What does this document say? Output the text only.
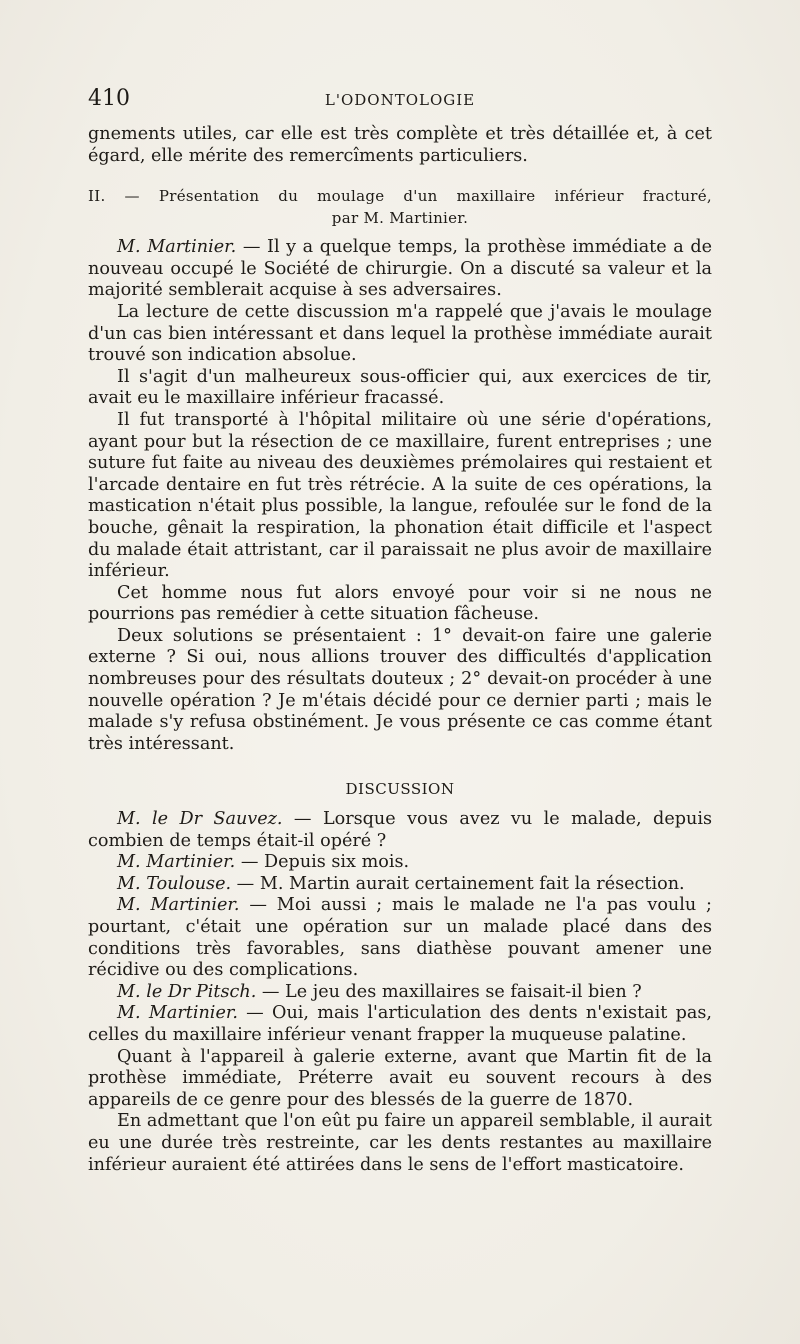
410	L'ODONTOLOGIE

gnements utiles, car elle est très complète et très détaillée et, à cet égard, elle mérite des remercîments particuliers.

II. — Présentation du moulage d'un maxillaire inférieur fracturé,
par M. Martinier.

M. Martinier. — Il y a quelque temps, la prothèse immédiate a de nouveau occupé le Société de chirurgie. On a discuté sa valeur et la majorité semblerait acquise à ses adversaires.

La lecture de cette discussion m'a rappelé que j'avais le moulage d'un cas bien intéressant et dans lequel la prothèse immédiate aurait trouvé son indication absolue.

Il s'agit d'un malheureux sous-officier qui, aux exercices de tir, avait eu le maxillaire inférieur fracassé.

Il fut transporté à l'hôpital militaire où une série d'opérations, ayant pour but la résection de ce maxillaire, furent entreprises ; une suture fut faite au niveau des deuxièmes prémolaires qui restaient et l'arcade dentaire en fut très rétrécie. A la suite de ces opérations, la mastication n'était plus possible, la langue, refoulée sur le fond de la bouche, gênait la respiration, la phonation était difficile et l'aspect du malade était attristant, car il paraissait ne plus avoir de maxillaire inférieur.

Cet homme nous fut alors envoyé pour voir si ne nous ne pourrions pas remédier à cette situation fâcheuse.

Deux solutions se présentaient : 1° devait-on faire une galerie externe ? Si oui, nous allions trouver des difficultés d'application nombreuses pour des résultats douteux ; 2° devait-on procéder à une nouvelle opération ? Je m'étais décidé pour ce dernier parti ; mais le malade s'y refusa obstinément. Je vous présente ce cas comme étant très intéressant.

DISCUSSION

M. le Dr Sauvez. — Lorsque vous avez vu le malade, depuis combien de temps était-il opéré ?

M. Martinier. — Depuis six mois.

M. Toulouse. — M. Martin aurait certainement fait la résection.

M. Martinier. — Moi aussi ; mais le malade ne l'a pas voulu ; pourtant, c'était une opération sur un malade placé dans des conditions très favorables, sans diathèse pouvant amener une récidive ou des complications.

M. le Dr Pitsch. — Le jeu des maxillaires se faisait-il bien ?

M. Martinier. — Oui, mais l'articulation des dents n'existait pas, celles du maxillaire inférieur venant frapper la muqueuse palatine.

Quant à l'appareil à galerie externe, avant que Martin fit de la prothèse immédiate, Préterre avait eu souvent recours à des appareils de ce genre pour des blessés de la guerre de 1870.

En admettant que l'on eût pu faire un appareil semblable, il aurait eu une durée très restreinte, car les dents restantes au maxillaire inférieur auraient été attirées dans le sens de l'effort masticatoire.
